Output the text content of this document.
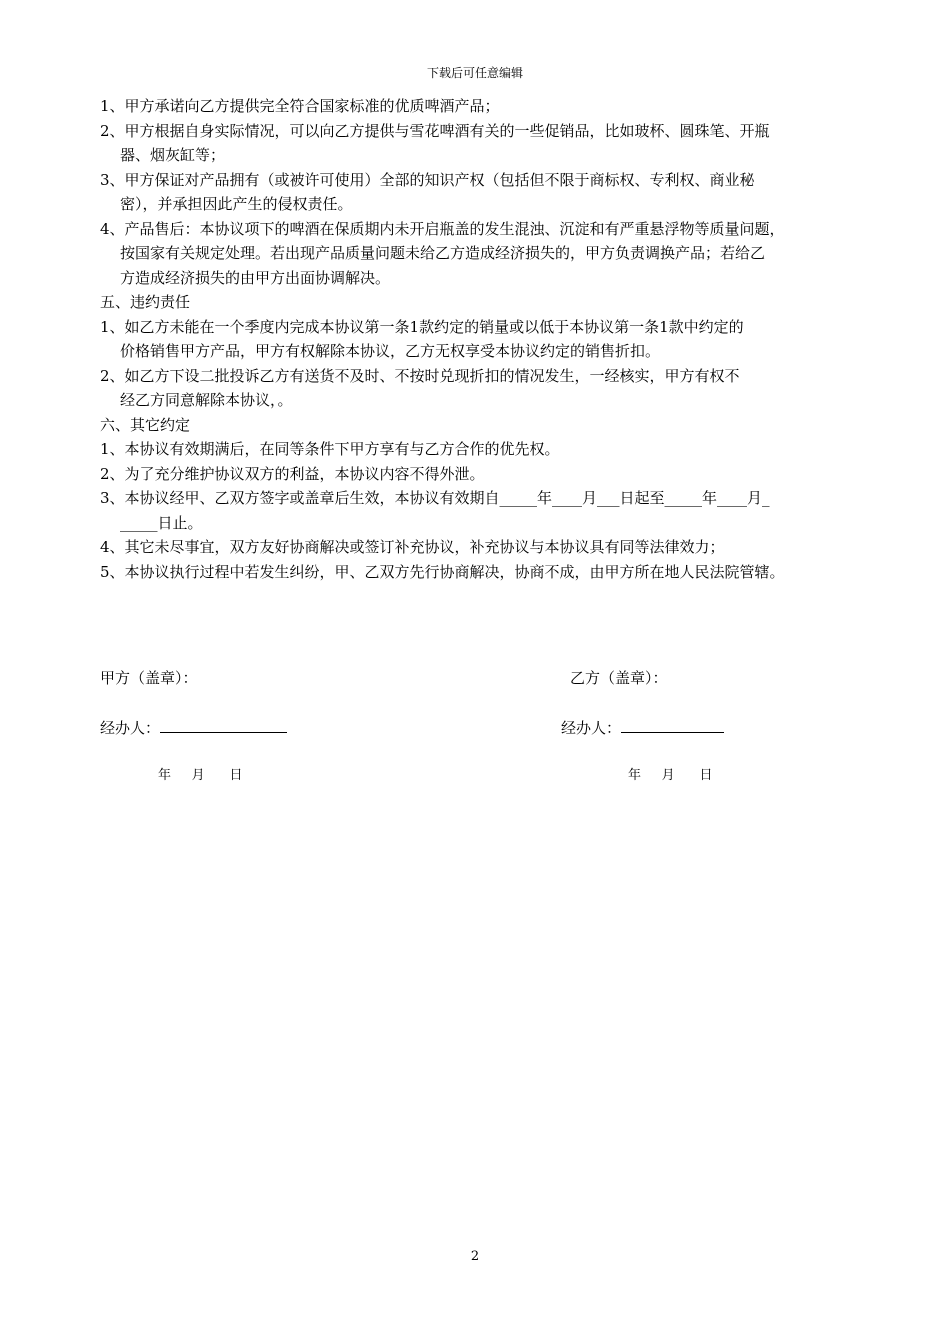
下载后可任意编辑
1、甲方承诺向乙方提供完全符合国家标准的优质啤酒产品；
2、甲方根据自身实际情况，可以向乙方提供与雪花啤酒有关的一些促销品，比如玻杯、圆珠笔、开瓶
器、烟灰缸等；
3、甲方保证对产品拥有（或被许可使用）全部的知识产权（包括但不限于商标权、专利权、商业秘
密），并承担因此产生的侵权责任。
4、产品售后：本协议项下的啤酒在保质期内未开启瓶盖的发生混浊、沉淀和有严重悬浮物等质量问题，
按国家有关规定处理。若出现产品质量问题未给乙方造成经济损失的，甲方负责调换产品；若给乙
方造成经济损失的由甲方出面协调解决。
五、违约责任
1、如乙方未能在一个季度内完成本协议第一条1款约定的销量或以低于本协议第一条1款中约定的
价格销售甲方产品，甲方有权解除本协议，乙方无权享受本协议约定的销售折扣。
2、如乙方下设二批投诉乙方有送货不及时、不按时兑现折扣的情况发生，一经核实，甲方有权不
经乙方同意解除本协议，。
六、其它约定
1、本协议有效期满后，在同等条件下甲方享有与乙方合作的优先权。
2、为了充分维护协议双方的利益，本协议内容不得外泄。
3、本协议经甲、乙双方签字或盖章后生效，本协议有效期自_____年____月___日起至_____年____月_
_____日止。
4、其它未尽事宜，双方友好协商解决或签订补充协议，补充协议与本协议具有同等法律效力；
5、本协议执行过程中若发生纠纷，甲、乙双方先行协商解决，协商不成，由甲方所在地人民法院管辖。
甲方（盖章）：	乙方（盖章）：
经办人：	经办人：
年     月      日	年     月      日
2
